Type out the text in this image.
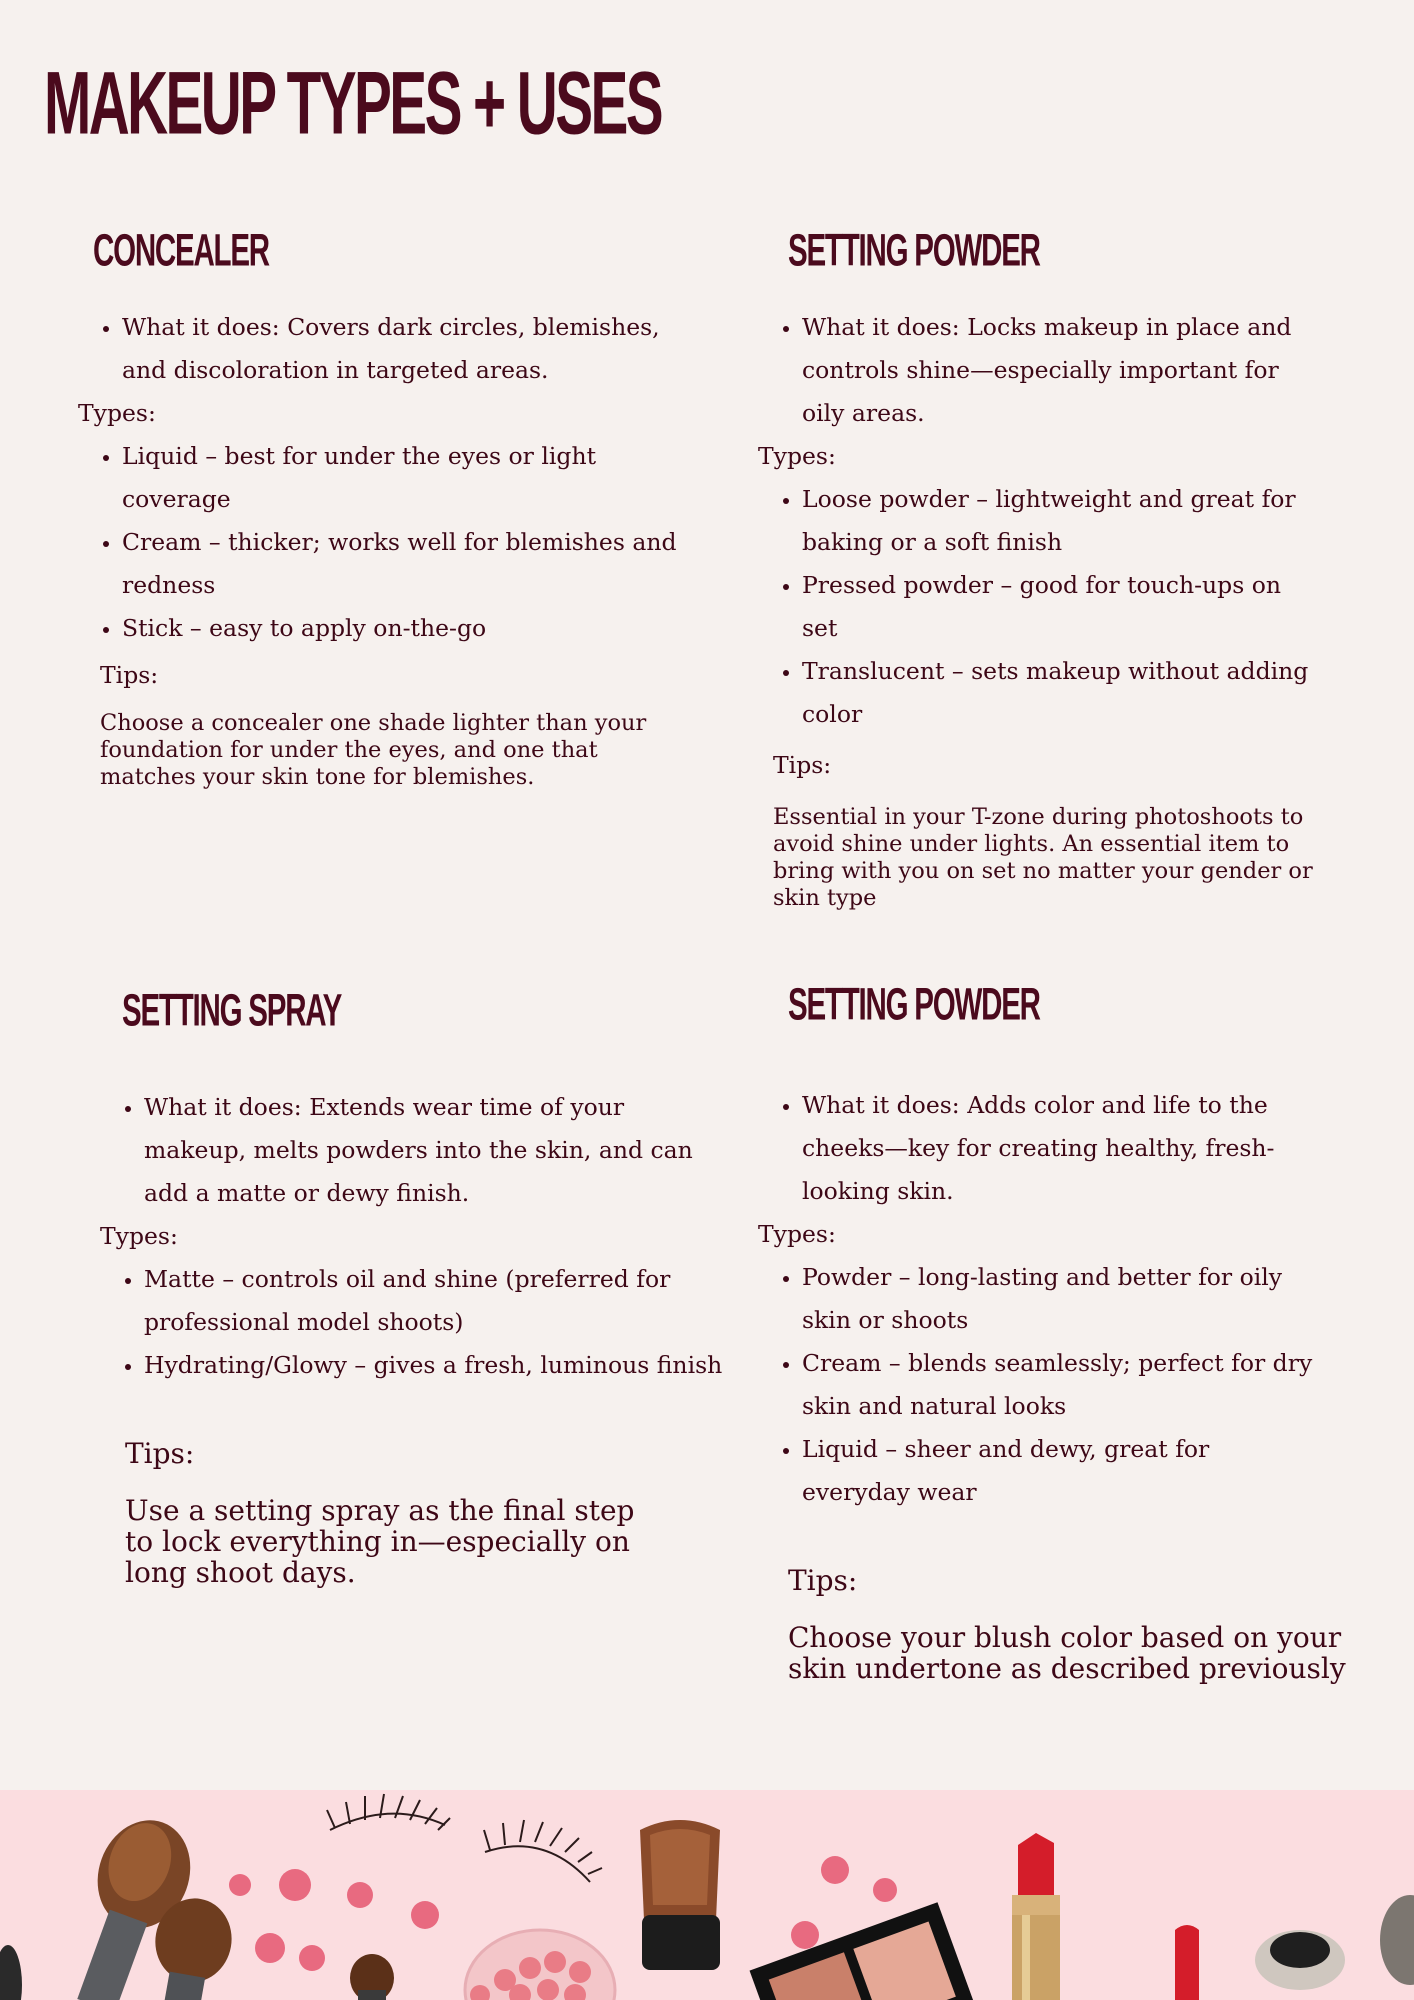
MAKEUP TYPES + USES
CONCEALER
• What it does: Covers dark circles, blemishes, and discoloration in targeted areas.
Types:
• Liquid – best for under the eyes or light coverage
• Cream – thicker; works well for blemishes and redness
• Stick – easy to apply on-the-go
Tips:
Choose a concealer one shade lighter than your foundation for under the eyes, and one that matches your skin tone for blemishes.
SETTING POWDER
• What it does: Locks makeup in place and controls shine—especially important for oily areas.
Types:
• Loose powder – lightweight and great for baking or a soft finish
• Pressed powder – good for touch-ups on set
• Translucent – sets makeup without adding color
Tips:
Essential in your T-zone during photoshoots to avoid shine under lights. An essential item to bring with you on set no matter your gender or skin type
SETTING SPRAY
• What it does: Extends wear time of your makeup, melts powders into the skin, and can add a matte or dewy finish.
Types:
• Matte – controls oil and shine (preferred for professional model shoots)
• Hydrating/Glowy – gives a fresh, luminous finish
Tips:
Use a setting spray as the final step to lock everything in—especially on long shoot days.
SETTING POWDER
• What it does: Adds color and life to the cheeks—key for creating healthy, fresh-looking skin.
Types:
• Powder – long-lasting and better for oily skin or shoots
• Cream – blends seamlessly; perfect for dry skin and natural looks
• Liquid – sheer and dewy, great for everyday wear
Tips:
Choose your blush color based on your skin undertone as described previously
